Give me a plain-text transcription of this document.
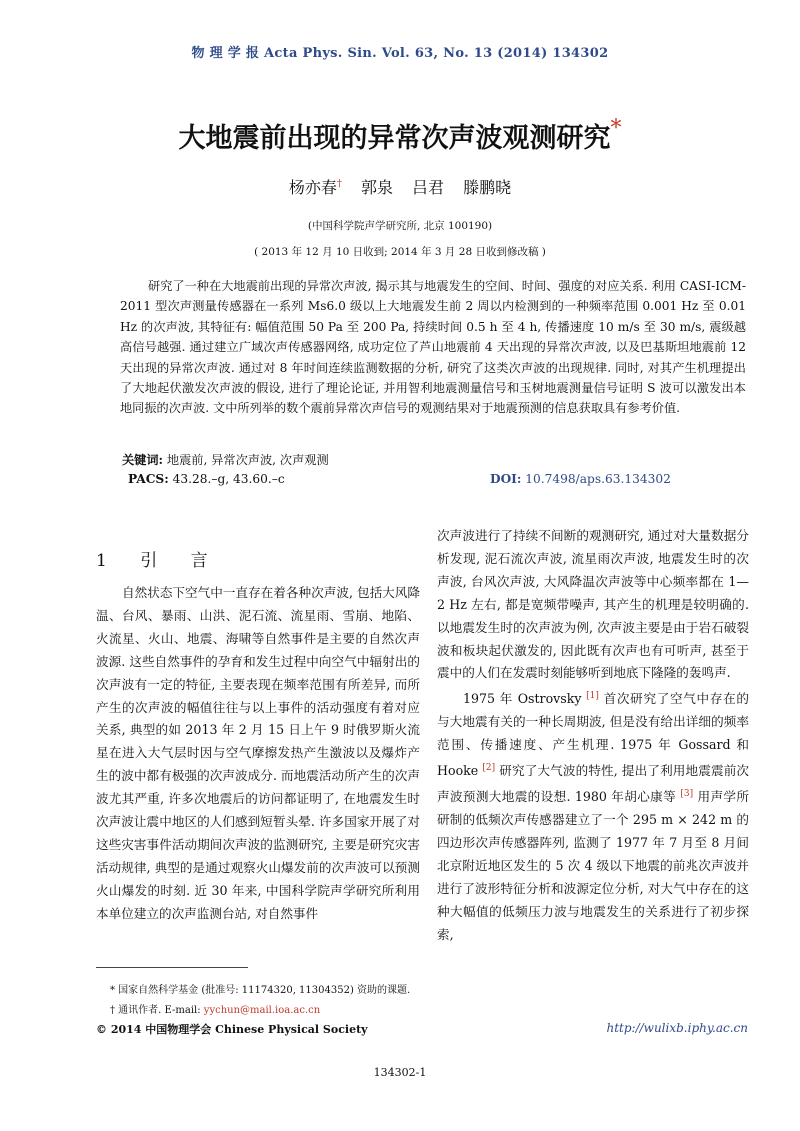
物 理 学 报 Acta Phys. Sin. Vol. 63, No. 13 (2014) 134302
大地震前出现的异常次声波观测研究*
杨亦春† 郭泉 吕君 滕鹏晓
(中国科学院声学研究所, 北京 100190)
( 2013 年 12 月 10 日收到; 2014 年 3 月 28 日收到修改稿 )

研究了一种在大地震前出现的异常次声波, 揭示其与地震发生的空间、时间、强度的对应关系. 利用 CASI-ICM-2011 型次声测量传感器在一系列 Ms6.0 级以上大地震发生前 2 周以内检测到的一种频率范围 0.001 Hz 至 0.01 Hz 的次声波, 其特征有: 幅值范围 50 Pa 至 200 Pa, 持续时间 0.5 h 至 4 h, 传播速度 10 m/s 至 30 m/s, 震级越高信号越强. 通过建立广域次声传感器网络, 成功定位了芦山地震前 4 天出现的异常次声波, 以及巴基斯坦地震前 12 天出现的异常次声波. 通过对 8 年时间连续监测数据的分析, 研究了这类次声波的出现规律. 同时, 对其产生机理提出了大地起伏激发次声波的假设, 进行了理论论证, 并用智利地震测量信号和玉树地震测量信号证明 S 波可以激发出本地同振的次声波. 文中所列举的数个震前异常次声信号的观测结果对于地震预测的信息获取具有参考价值.

关键词: 地震前, 异常次声波, 次声观测
PACS: 43.28.–g, 43.60.–c	DOI: 10.7498/aps.63.134302
1 引 言

自然状态下空气中一直存在着各种次声波, 包括大风降温、台风、暴雨、山洪、泥石流、流星雨、雪崩、地陷、火流星、火山、地震、海啸等自然事件是主要的自然次声波源. 这些自然事件的孕育和发生过程中向空气中辐射出的次声波有一定的特征, 主要表现在频率范围有所差异, 而所产生的次声波的幅值往往与以上事件的活动强度有着对应关系, 典型的如 2013 年 2 月 15 日上午 9 时俄罗斯火流星在进入大气层时因与空气摩擦发热产生激波以及爆炸产生的波中都有极强的次声波成分. 而地震活动所产生的次声波尤其严重, 许多次地震后的访问都证明了, 在地震发生时次声波让震中地区的人们感到短暂头晕. 许多国家开展了对这些灾害事件活动期间次声波的监测研究, 主要是研究灾害活动规律, 典型的是通过观察火山爆发前的次声波可以预测火山爆发的时刻. 近 30 年来, 中国科学院声学研究所利用本单位建立的次声监测台站, 对自然事件

次声波进行了持续不间断的观测研究, 通过对大量数据分析发现, 泥石流次声波, 流星雨次声波, 地震发生时的次声波, 台风次声波, 大风降温次声波等中心频率都在 1—2 Hz 左右, 都是宽频带噪声, 其产生的机理是较明确的. 以地震发生时的次声波为例, 次声波主要是由于岩石破裂波和板块起伏激发的, 因此既有次声也有可听声, 甚至于震中的人们在发震时刻能够听到地底下隆隆的轰鸣声.

1975 年 Ostrovsky [1] 首次研究了空气中存在的与大地震有关的一种长周期波, 但是没有给出详细的频率范围、传播速度、产生机理. 1975 年 Gossard 和 Hooke [2] 研究了大气波的特性, 提出了利用地震震前次声波预测大地震的设想. 1980 年胡心康等 [3] 用声学所研制的低频次声传感器建立了一个 295 m × 242 m 的四边形次声传感器阵列, 监测了 1977 年 7 月至 8 月间北京附近地区发生的 5 次 4 级以下地震的前兆次声波并进行了波形特征分析和波源定位分析, 对大气中存在的这种大幅值的低频压力波与地震发生的关系进行了初步探索,

* 国家自然科学基金 (批准号: 11174320, 11304352) 资助的课题.
† 通讯作者. E-mail: yychun@mail.ioa.ac.cn
© 2014 中国物理学会 Chinese Physical Society	http://wulixb.iphy.ac.cn
134302-1
